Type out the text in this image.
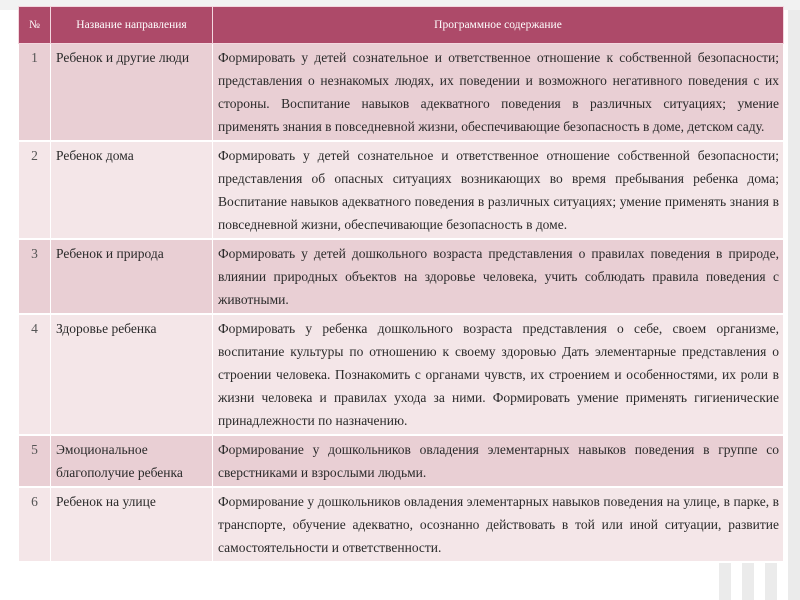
№	Название направления	Программное содержание
1	Ребенок и другие люди	Формировать у детей сознательное и ответственное отношение к собственной безопасности; представления о незнакомых людях, их поведении и возможного негативного поведения с их стороны. Воспитание навыков адекватного поведения в различных ситуациях; умение применять знания в повседневной жизни, обеспечивающие безопасность в доме, детском саду.
2	Ребенок дома	Формировать у детей сознательное и ответственное отношение собственной безопасности; представления об опасных ситуациях возникающих во время пребывания ребенка дома; Воспитание навыков адекватного поведения в различных ситуациях; умение применять знания в повседневной жизни, обеспечивающие безопасность в доме.
3	Ребенок и природа	Формировать у детей дошкольного возраста представления о правилах поведения в природе, влиянии природных объектов на здоровье человека, учить соблюдать правила поведения с животными.
4	Здоровье ребенка	Формировать у ребенка дошкольного возраста представления о себе, своем организме, воспитание культуры по отношению к своему здоровью Дать элементарные представления о строении человека. Познакомить с органами чувств, их строением и особенностями, их роли в жизни человека и правилах ухода за ними. Формировать умение применять гигиенические принадлежности по назначению.
5	Эмоциональное благополучие ребенка	Формирование у дошкольников овладения элементарных навыков поведения в группе со сверстниками и взрослыми людьми.
6	Ребенок на улице	Формирование у дошкольников овладения элементарных навыков поведения на улице, в парке, в транспорте, обучение адекватно, осознанно действовать в той или иной ситуации, развитие самостоятельности и ответственности.
